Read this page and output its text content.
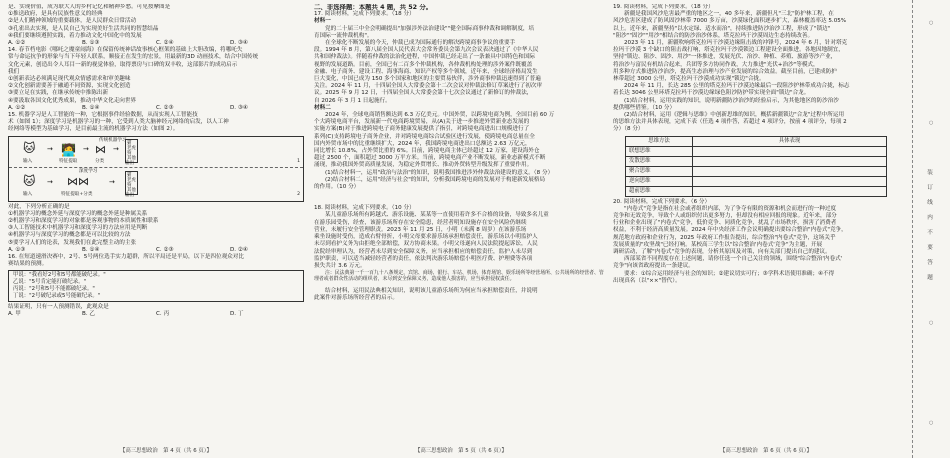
是、实现价值，成为联大人的乡村记忆和精神乡愁。可见按摩图是

①推送政府，是具有民族性意义的经典

②是人们精神领域的重要载体，是人民群众日常活动

③孔雀出去实现，是人民自己为实现美好生活共同的智慧结晶

④我们要继续遵照实践，着力推动文化中国化中的发展

A. ①②	B. ①③	C. ②④	D. ③④

14. 春节档电影《哪吒之魔童闹海》在保留传统神话故事核心框架的基础上大胆改编，将哪吒失

常与命运抗争的形象与当下年轻人联系，顺接正在发生的宏景，用最新的3D 动画技术，结合中国传统

文化元素，创造出令人耳目一新的视觉体验，取得票房与口碑的双丰收，这部影片的成功启示

我们

①创新表达必须满足现代观众情感需求和审美趣味

②文化创新需要善于融通不同资源，实现文化创造

③要立足在实践，在继承传统中推陈出新

④要汲取各国文化优秀成果，推动中华文化走向世界

A. ①②	B. ①④	C. ②③	D. ③④

15. 机器学习是人工智能的一种，它根据事件经验数据，从而实现人工智能技

术（如图 1）；深度学习是机器学习的一种，它受到人类大脑神经元网络的启发，以人工神

经网络等模型为基础学习，是目前最主流的机器学习方法（如图 2）。

🐱
输入
→
传统机器学习
🧑‍💻
特征提取
→ ⋈
分类
→
猫
老虎
狗
其他
输出	1
深度学习
🐱
输入
→ ⋈⋈
特征提取+分类
→
猫
老虎
狗
其他
输出	2

对此，下列分析正确的是

①机器学习的概念外延与深度学习的概念外延是种属关系

②机器学习和深度学习的对象都是客观事物的本质属性和联系

③人工智能技术中机器学习和深度学习的方法应用是判断

④机器学习与深度学习的概念都是可以比较的方法

⑤要学习人们的论表，发现我们在此完整主动的主张

A. ①③	B. ①④	C. ②③	D. ②④

16. 在短道速滑决赛中，2号、5号两位选手实力超群，所以平局还是平局，以下是四位观众对比

赛结果的预测。

甲说："我看好2号和5号都能破纪录。"

乙说："5号肯定能打破纪录。"

丙说："2号和5号不能都破纪录。"

丁说："2号破纪录或5号能破纪录。"

结果证明，只有一人预测错误，此观众是

A. 甲	B. 乙	C. 丙	D. 丁

二、非选择题：本题共 4 题，共 52 分。

17. 阅读材料，完成下列要求。（18 分）

材料一

党的二十届三中全会明确提出"加强涉外法治建设""健全国际商事仲裁和调解制度，培

育国际一流仲裁机构"。

在全球化不断发展的今天，仲裁已成为国际通行的解决跨境商事争议的重要手

段。1994 年 8 月，第八届全国人民代表大会常务委员会第九次会议表决通过了《中华人民

共和国仲裁法》。伴随着仲裁的法治化进程，中国仲裁已经走出了一条兼具中国特色和国际

视野的发展道路。目前，全国已有二百多个仲裁机构，各仲裁机构处理的涉外案件既覆盖

金融、电子商务、建设工程、海事海商、知识产权等多个领域，近年来，全球经济格局发生

巨大变化，中国已成为 150 多个国家和地区的主要贸易伙伴，涉外商事仲裁迅速得到了普遍

关注。2024 年 11 月，十四届全国人大常委会第十二次会议对仲裁法修订草案进行了初次审

议。2025 年 9 月 12 日，十四届全国人大常委会第十七次会议通过了新修订的仲裁法，

自 2026 年 3 月 1 日起施行。

材料二

2024 年，全球电商销售额达到 6.3 万亿美元。中国外贸，以跨境电商为例，全国目前 60 万

个大跨境电商平台，发展新一代电商跨境贸易，从(A)关于进一步推进外贸新业态发展的

实施方案(B)对于推进跨境电子商务健康发展提供了指引，对跨境电商进出口规模进行了

系列(C)支持跨境电子商务企业，并对跨境电商综合试验区进行发展，使跨境电商总量在全

国内外贸市场中的比重继续扩大，2024 年，我国跨境电商进出口总额达 2.63 万亿元，

同比增长 10.8%，占外贸比重的 6%。目前，跨境电商主体已经超过 12 万家，建设海外仓

超过 2500 个，面积超过 3000 万平方米。当前，跨境电商产业不断发展，新业态新模式不断

涌现，推动我国外贸高质量发展，为稳定外贸增长、推动外贸转型升级发挥了重要作用。

(1)结合材料一，运用"政治与法治"的知识，说明我国推进涉外仲裁法治建设的意义。（8 分）

(2)结合材料二，运用"经济与社会"的知识，分析我国跨境电商的发展对于构建新发展格局

的作用。（10 分）

18. 阅读材料，完成下列要求。（10 分）

某儿童游乐场所有跨越式、游乐设施、某某等一直使用着许多不合格的设备，导致多名儿童

在游乐园受伤，经查，该游乐场所存在安全隐患，经营者明知设施存在安全风险仍继续

营业，未履行安全管理职责。2023 年 11 月 25 日，小明（未满 8 周岁）在该游乐场

乘坐设施时受伤，造成右臂骨折，小明父母要求游乐场承担赔偿责任，游乐场以小明监护人

未尽到看护义务为由拒绝全部赔偿，双方协商未果。小明父母遂向人民法院提起诉讼，人民

法院经审理认为，经营者未尽到安全保障义务，应当承担相应的赔偿责任，监护人未尽到

监护职责，可以适当减轻经营者的责任，依法判决游乐场赔偿小明医疗费、护理费等各项

损失共计 3.6 万元。

注：民法典第一千一百九十八条规定，宾馆、商场、银行、车站、机场、体育场馆、娱乐场所等经营场所、公共场所的经营者、管理者或者群众性活动的组织者，未尽到安全保障义务，造成他人损害的，应当承担侵权责任。

结合材料，运用民法典相关知识，说明该儿童游乐场所为何应当承担赔偿责任，并说明

此案件对游乐场所经营者的启示。

19. 阅读材料，完成下列要求。（18 分）

新疆是我国风沙危害最严重的地区之一，40 多年来，新疆但凡"三北"防护林工程，在

风沙危害区建成了防风固沙林带 7000 多万亩，沙漠绿化面积逐步扩大，森林覆盖率达 5.05%

以上。近年来，新疆坚持"以水定绿、适水而治"，持续推进防沙治沙工程，形成了"锁边"

"阻沙""固沙""用沙"相结合的防沙治沙体系，塔克拉玛干沙漠周边生态持续改善。

2023 年 11 月，新疆吹响塔克拉玛干沙漠边缘阻击战的冲锋号，2024 年 6 月，针对塔克

拉玛干沙漠 3 个缺口的阻击战打响，塔克拉玛干沙漠锁边工程建设全面推进。各地因地制宜，

坚持"锁边、阻沙、固沙、用沙"一体推进，发展光伏、治沙、种植、养殖、旅游等沙产业，

将治沙与富民有机结合起来，兵团等多方协同作战，大力推进"光伏+治沙"等模式，

用多种方式推进防沙治沙，提高生态治理与沙产业发展的综合效益。截至目前，已建成防护

林带超过 3000 公里，塔克拉玛干沙漠成功实现"锁边"合拢。

2024 年 11 月，长达 285 公里的塔克拉玛干沙漠边缘最后一段阻沙护林带成功合拢，标志

着长达 3046 公里环塔克拉玛干沙漠边缘绿色阻沙防护带实现全面"锁边"合龙。

(1)结合材料，运用实践的知识，说明新疆防沙治沙的经验启示，为其他地区的防沙治沙

提供哪些借鉴。（10 分）

(2)结合材料，运用《逻辑与思维》中创新思维的知识，概括新疆锁边"合龙"过程中所运用

的思维方法并具体表现，完成下表（任选 4 项作答，若超过 4 项评分，按前 4 项评分，每项 2

分）（8 分）

思维方法	具体表现
联想思维	
发散思维	
聚合思维	
逆向思维	
超前思维	

20. 阅读材料，完成下列要求。（6 分）

"内卷式"竞争是指在社会或者组织内部，为了争夺有限的资源和机会而进行的一种过度

竞争和无效竞争，导致个人或组织付出更多努力，但却没有相应回报的现象。近年来，部分

行业和企业出现了"内卷式"竞争，低价竞争、同质化竞争，扰乱了市场秩序，损害了消费者

权益，不利于经济高质量发展。2024 年中央经济工作会议明确提出要综合整治"内卷式"竞争，

规范地方政府和企业行为，2025 年政府工作报告提出，综合整治"内卷式"竞争，这场关乎

发展质量的"攻坚战"已经打响。某校高三学生以"综合整治'内卷式'竞争"为主题，开展

调研活动，了解"内卷式"竞争的表现，分析其原因及对策，向有关部门提出自己的建议。

西部某省不同程度存在上述问题，请你任选一个自己关注的领域，围绕"综合整治'内卷式'

竞争"向该省政府提出一条建议。

要求：①综合运用经济与社会的知识；②建议切实可行；③学科术语使用准确；④不得

出现真名（以"××"替代）。

【高三思想政治　第 4 页（共 6 页）】	【高三思想政治　第 5 页（共 6 页）】	【高三思想政治　第 6 页（共 6 页）】
○
○
○
○
装
订
线
内
不
要
答
题
